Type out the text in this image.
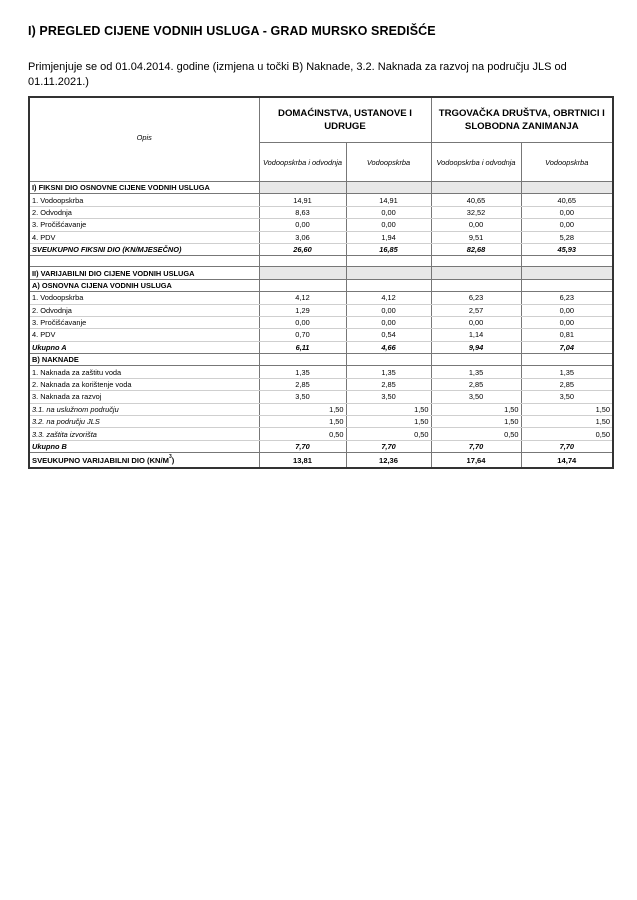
I) PREGLED CIJENE VODNIH USLUGA - GRAD MURSKO SREDIŠĆE
Primjenjuje se od 01.04.2014. godine (izmjena u točki B) Naknade, 3.2. Naknada za razvoj na području JLS od 01.11.2021.)
Opis	DOMAĆINSTVA, USTANOVE I UDRUGE		TRGOVAČKA DRUŠTVA, OBRTNICI I SLOBODNA ZANIMANJA	
	Vodoopskrba i odvodnja	Vodoopskrba	Vodoopskrba i odvodnja	Vodoopskrba
I) FIKSNI DIO OSNOVNE CIJENE VODNIH USLUGA				
1. Vodoopskrba	14,91	14,91	40,65	40,65
2. Odvodnja	8,63	0,00	32,52	0,00
3. Pročišćavanje	0,00	0,00	0,00	0,00
4. PDV	3,06	1,94	9,51	5,28
SVEUKUPNO FIKSNI DIO (KN/MJESEČNO)	26,60	16,85	82,68	45,93

II) VARIJABILNI DIO CIJENE VODNIH USLUGA				
A) OSNOVNA CIJENA VODNIH USLUGA				
1. Vodoopskrba	4,12	4,12	6,23	6,23
2. Odvodnja	1,29	0,00	2,57	0,00
3. Pročišćavanje	0,00	0,00	0,00	0,00
4. PDV	0,70	0,54	1,14	0,81
Ukupno A	6,11	4,66	9,94	7,04
B) NAKNADE				
1. Naknada za zaštitu voda	1,35	1,35	1,35	1,35
2. Naknada za korištenje voda	2,85	2,85	2,85	2,85
3. Naknada za razvoj	3,50	3,50	3,50	3,50
3.1. na uslužnom području	1,50	1,50	1,50	1,50
3.2. na području JLS	1,50	1,50	1,50	1,50
3.3. zaštita izvorišta	0,50	0,50	0,50	0,50
Ukupno B	7,70	7,70	7,70	7,70
SVEUKUPNO VARIJABILNI DIO $(KN/M^3)$	13,81	12,36	17,64	14,74
